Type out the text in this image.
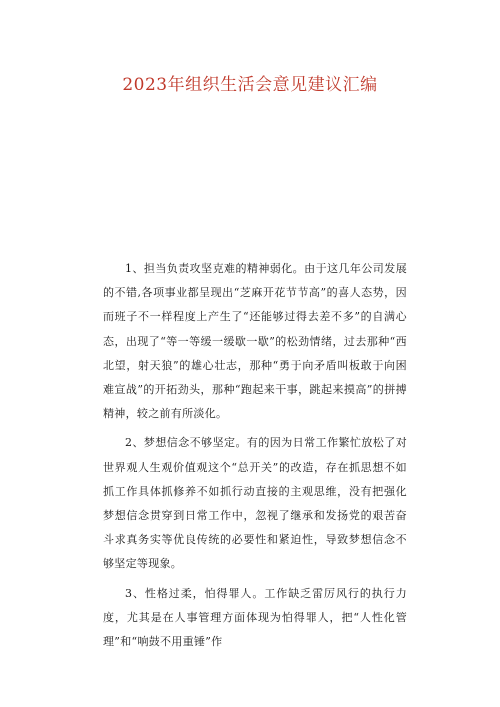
2023年组织生活会意见建议汇编

1、担当负责攻坚克难的精神弱化。由于这几年公司发展的不错,各项事业都呈现出“芝麻开花节节高”的喜人态势，因而班子不一样程度上产生了“还能够过得去差不多”的自满心态，出现了“等一等缓一缓歇一歇”的松劲情绪，过去那种“西北望，射天狼”的雄心壮志，那种“勇于向矛盾叫板敢于向困难宣战”的开拓劲头，那种“跑起来干事，跳起来摸高”的拼搏精神，较之前有所淡化。

2、梦想信念不够坚定。有的因为日常工作繁忙放松了对世界观人生观价值观这个“总开关”的改造，存在抓思想不如抓工作具体抓修养不如抓行动直接的主观思维，没有把强化梦想信念贯穿到日常工作中，忽视了继承和发扬党的艰苦奋斗求真务实等优良传统的必要性和紧迫性，导致梦想信念不够坚定等现象。

3、性格过柔，怕得罪人。工作缺乏雷厉风行的执行力度，尤其是在人事管理方面体现为怕得罪人，把“人性化管理”和“响鼓不用重锤”作
